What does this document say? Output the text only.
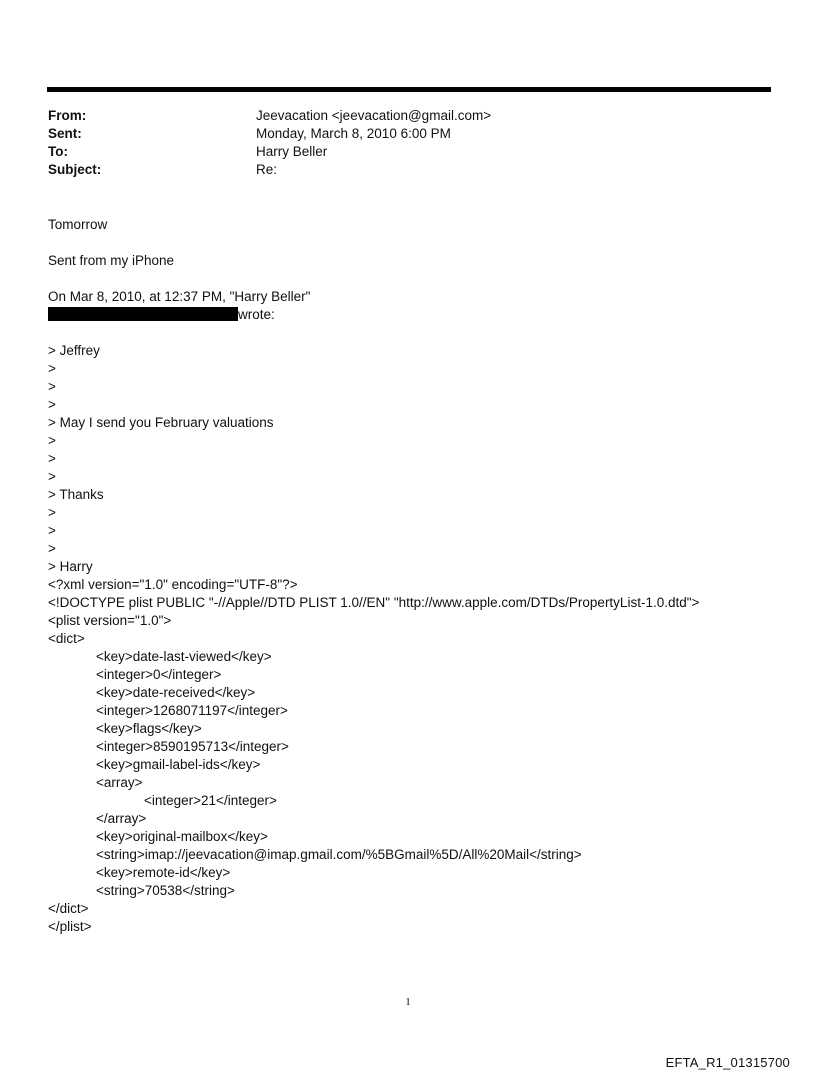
From:	Jeevacation <jeevacation@gmail.com>
Sent:	Monday, March 8, 2010 6:00 PM
To:	Harry Beller
Subject:	Re:
Tomorrow
Sent from my iPhone
On Mar 8, 2010, at 12:37 PM, "Harry Beller"
wrote:
> Jeffrey
>
>
>
> May I send you February valuations
>
>
>
> Thanks
>
>
>
> Harry
<?xml version="1.0" encoding="UTF-8"?>
<!DOCTYPE plist PUBLIC "-//Apple//DTD PLIST 1.0//EN" "http://www.apple.com/DTDs/PropertyList-1.0.dtd">
<plist version="1.0">
<dict>
<key>date-last-viewed</key>
<integer>0</integer>
<key>date-received</key>
<integer>1268071197</integer>
<key>flags</key>
<integer>8590195713</integer>
<key>gmail-label-ids</key>
<array>
<integer>21</integer>
</array>
<key>original-mailbox</key>
<string>imap://jeevacation@imap.gmail.com/%5BGmail%5D/All%20Mail</string>
<key>remote-id</key>
<string>70538</string>
</dict>
</plist>
1
EFTA_R1_01315700
